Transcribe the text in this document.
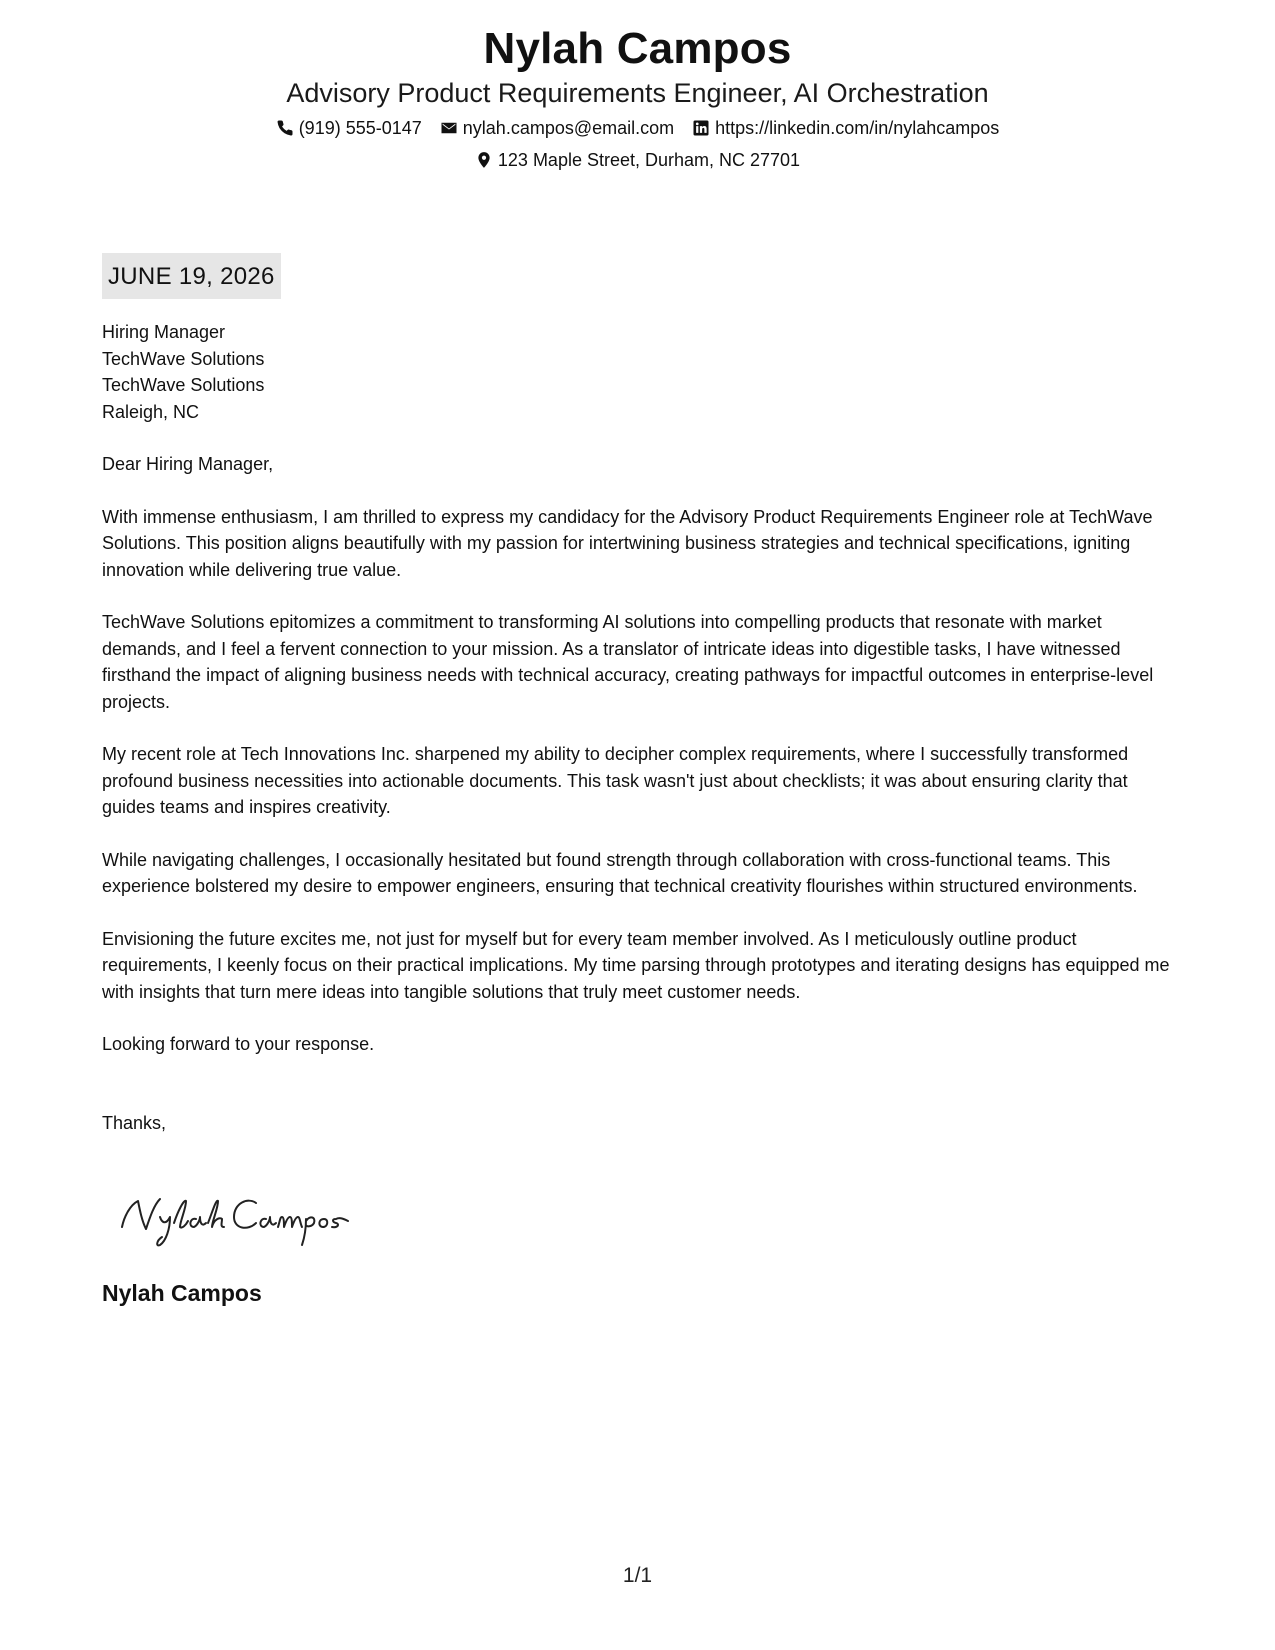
Nylah Campos
Advisory Product Requirements Engineer, AI Orchestration
(919) 555-0147 nylah.campos@email.com https://linkedin.com/in/nylahcampos
123 Maple Street, Durham, NC 27701
JUNE 19, 2026
Hiring Manager
TechWave Solutions
TechWave Solutions
Raleigh, NC
Dear Hiring Manager,
With immense enthusiasm, I am thrilled to express my candidacy for the Advisory Product Requirements Engineer role at TechWave Solutions. This position aligns beautifully with my passion for intertwining business strategies and technical specifications, igniting innovation while delivering true value.
TechWave Solutions epitomizes a commitment to transforming AI solutions into compelling products that resonate with market demands, and I feel a fervent connection to your mission. As a translator of intricate ideas into digestible tasks, I have witnessed firsthand the impact of aligning business needs with technical accuracy, creating pathways for impactful outcomes in enterprise-level projects.
My recent role at Tech Innovations Inc. sharpened my ability to decipher complex requirements, where I successfully transformed profound business necessities into actionable documents. This task wasn't just about checklists; it was about ensuring clarity that guides teams and inspires creativity.
While navigating challenges, I occasionally hesitated but found strength through collaboration with cross-functional teams. This experience bolstered my desire to empower engineers, ensuring that technical creativity flourishes within structured environments.
Envisioning the future excites me, not just for myself but for every team member involved. As I meticulously outline product requirements, I keenly focus on their practical implications. My time parsing through prototypes and iterating designs has equipped me with insights that turn mere ideas into tangible solutions that truly meet customer needs.
Looking forward to your response.
Thanks,
Nylah Campos
1/1
